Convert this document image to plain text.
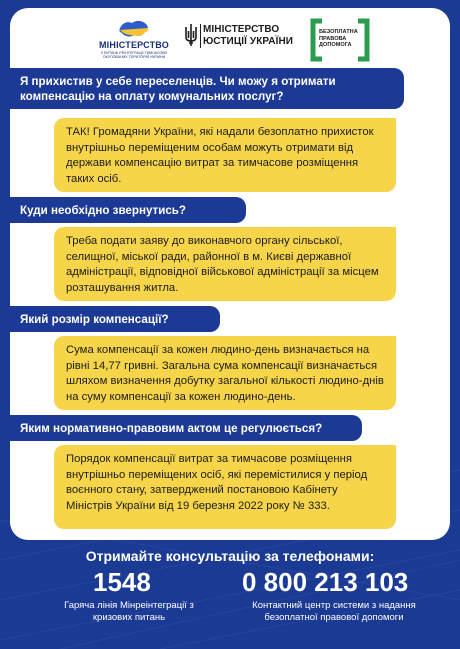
МІНІСТЕРСТВО
З ПИТАНЬ РЕІНТЕГРАЦІЇ ТИМЧАСОВО ОКУПОВАНИХ ТЕРИТОРІЙ УКРАЇНИ
МІНІСТЕРСТВО
ЮСТИЦІЇ УКРАЇНИ
БЕЗОПЛАТНА ПРАВОВА ДОПОМОГА
Я прихистив у себе переселенців. Чи можу я отримати компенсацію на оплату комунальних послуг?
ТАК! Громадяни України, які надали безоплатно прихисток внутрішньо переміщеним особам можуть отримати від держави компенсацію витрат за тимчасове розміщення таких осіб.
Куди необхідно звернутись?
Треба подати заяву до виконавчого органу сільської, селищної, міської ради, районної в м. Києві державної адміністрації, відповідної військової адміністрації за місцем розташування житла.
Який розмір компенсації?
Сума компенсації за кожен людино-день визначається на рівні 14,77 гривні. Загальна сума компенсації визначається шляхом визначення добутку загальної кількості людино-днів на суму компенсації за кожен людино-день.
Яким нормативно-правовим актом це регулюється?
Порядок компенсації витрат за тимчасове розміщення внутрішньо переміщених осіб, які перемістилися у період воєнного стану, затверджений постановою Кабінету Міністрів України від 19 березня 2022 року № 333.
Отримайте консультацію за телефонами:
1548	0 800 213 103
Гаряча лінія Мінреінтеграції з кризових питань
Контактний центр системи з надання безоплатної правової допомоги
